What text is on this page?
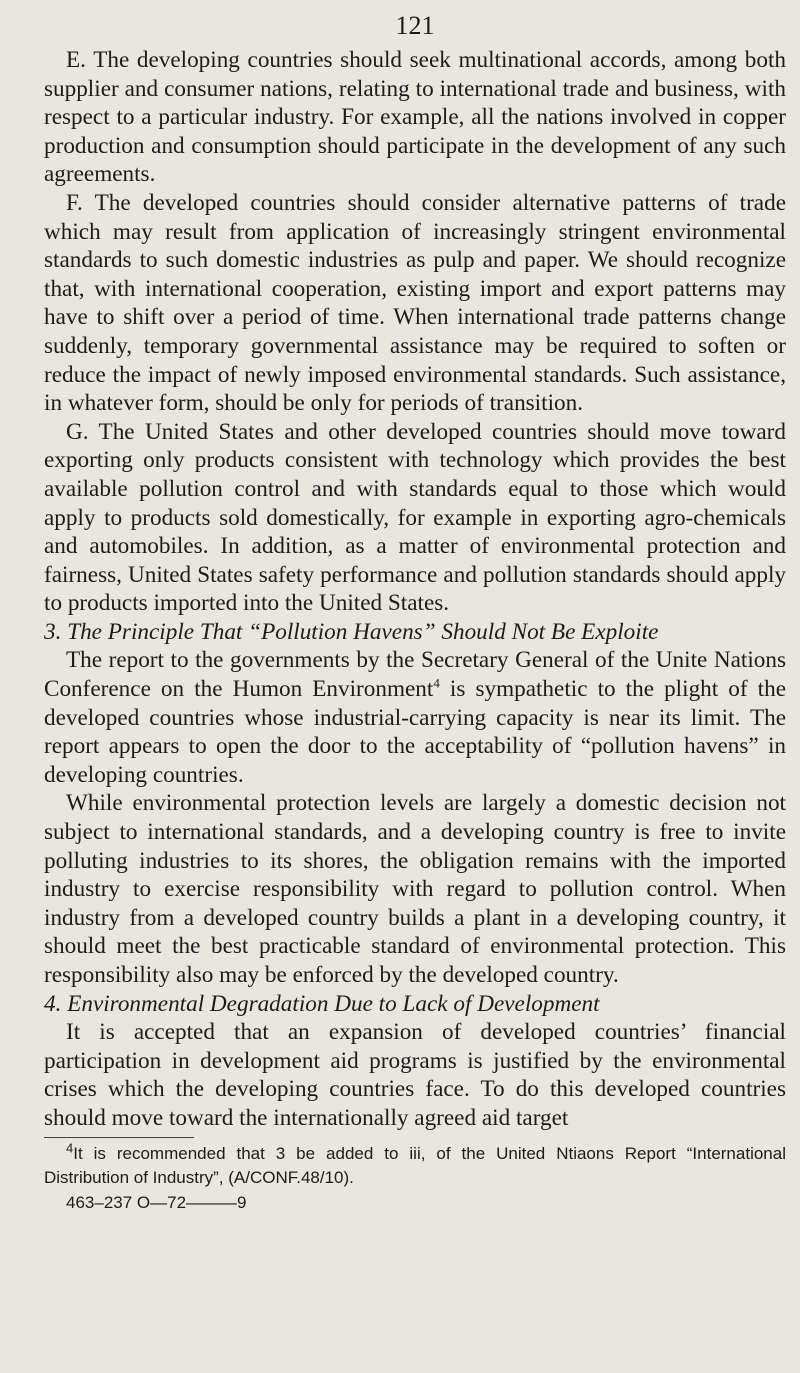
121

E. The developing countries should seek multinational accords, among both supplier and consumer nations, relating to international trade and business, with respect to a particular industry. For example, all the nations involved in copper production and consumption should participate in the development of any such agreements.

F. The developed countries should consider alternative patterns of trade which may result from application of increasingly stringent environmental standards to such domestic industries as pulp and paper. We should recognize that, with international cooperation, existing import and export patterns may have to shift over a period of time. When international trade patterns change suddenly, temporary governmental assistance may be required to soften or reduce the impact of newly imposed environmental standards. Such assistance, in whatever form, should be only for periods of transition.

G. The United States and other developed countries should move toward exporting only products consistent with technology which provides the best available pollution control and with standards equal to those which would apply to products sold domestically, for example in exporting agro-chemicals and automobiles. In addition, as a matter of environmental protection and fairness, United States safety performance and pollution standards should apply to products imported into the United States.

3. The Principle That “Pollution Havens” Should Not Be Exploite

The report to the governments by the Secretary General of the Unite Nations Conference on the Humon Environment$^4$ is sympathetic to the plight of the developed countries whose industrial-carrying capacity is near its limit. The report appears to open the door to the acceptability of “pollution havens” in developing countries.

While environmental protection levels are largely a domestic decision not subject to international standards, and a developing country is free to invite polluting industries to its shores, the obligation remains with the imported industry to exercise responsibility with regard to pollution control. When industry from a developed country builds a plant in a developing country, it should meet the best practicable standard of environmental protection. This responsibility also may be enforced by the developed country.

4. Environmental Degradation Due to Lack of Development

It is accepted that an expansion of developed countries’ financial participation in development aid programs is justified by the environmental crises which the developing countries face. To do this developed countries should move toward the internationally agreed aid target

$^4$It is recommended that 3 be added to iii, of the United Ntiaons Report “International Distribution of Industry”, (A/CONF.48/10).

463–237 O—72———9
